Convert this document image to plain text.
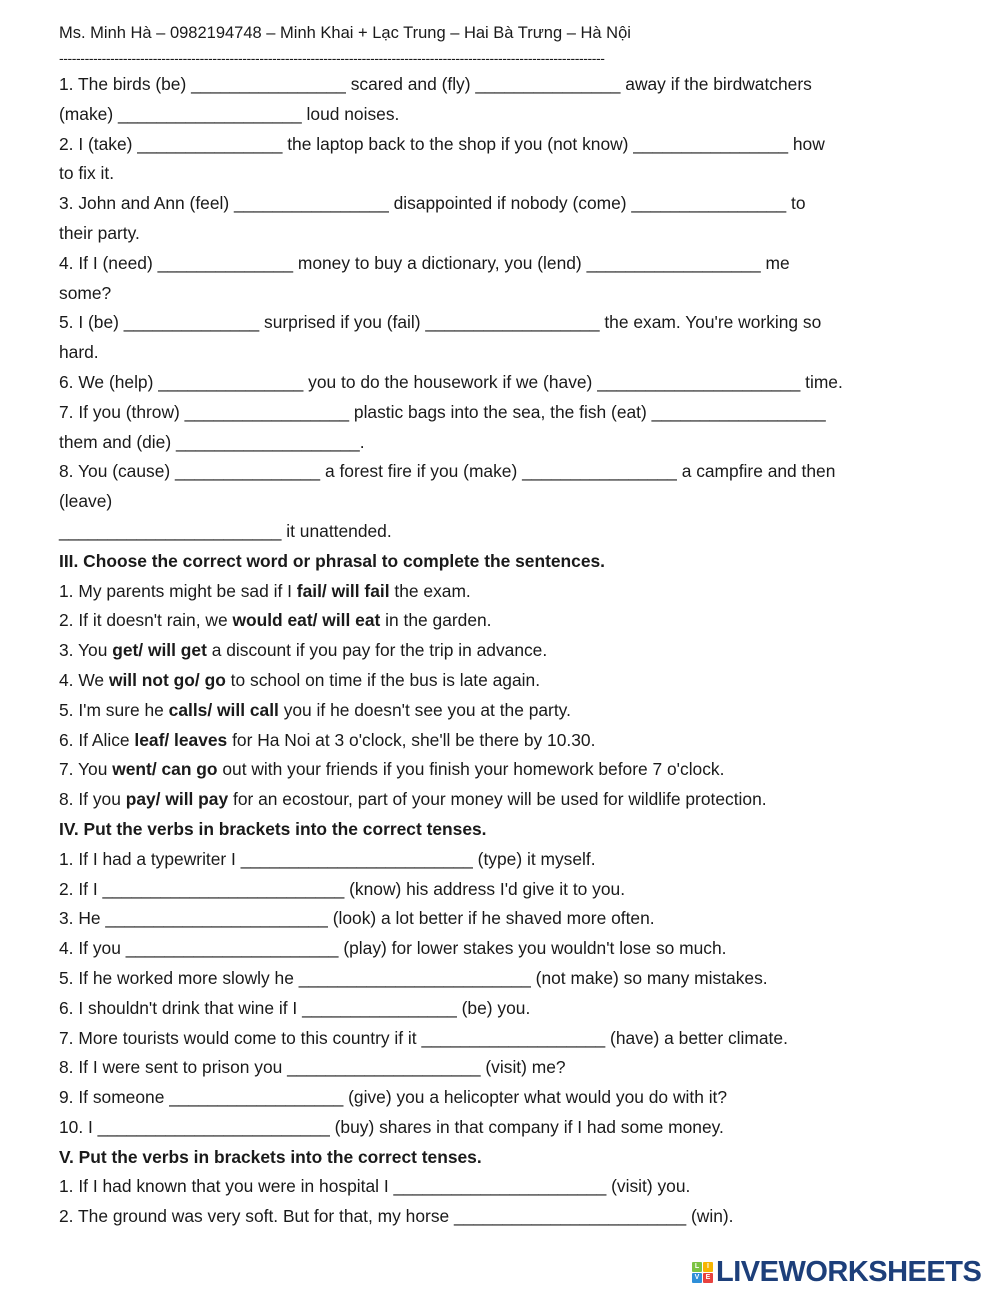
Ms. Minh Hà – 0982194748 – Minh Khai + Lạc Trung – Hai Bà Trưng – Hà Nội
--------------------------------------------------------------------------------------------------------------------------------
1. The birds (be) ________________ scared and (fly) _______________ away if the birdwatchers
(make) ___________________ loud noises.
2. I (take) _______________ the laptop back to the shop if you (not know) ________________ how
to fix it.
3. John and Ann (feel) ________________ disappointed if nobody (come) ________________ to
their party.
4. If I (need) ______________ money to buy a dictionary, you (lend) __________________ me
some?
5. I (be) ______________ surprised if you (fail) __________________ the exam. You're working so
hard.
6. We (help) _______________ you to do the housework if we (have) _____________________ time.
7. If you (throw) _________________ plastic bags into the sea, the fish (eat) __________________
them and (die) ___________________.
8. You (cause) _______________ a forest fire if you (make) ________________ a campfire and then
(leave)
_______________________ it unattended.
III. Choose the correct word or phrasal to complete the sentences.
1. My parents might be sad if I fail/ will fail the exam.
2. If it doesn't rain, we would eat/ will eat in the garden.
3. You get/ will get a discount if you pay for the trip in advance.
4. We will not go/ go to school on time if the bus is late again.
5. I'm sure he calls/ will call you if he doesn't see you at the party.
6. If Alice leaf/ leaves for Ha Noi at 3 o'clock, she'll be there by 10.30.
7. You went/ can go out with your friends if you finish your homework before 7 o'clock.
8. If you pay/ will pay for an ecostour, part of your money will be used for wildlife protection.
IV. Put the verbs in brackets into the correct tenses.
1. If I had a typewriter I ________________________ (type) it myself.
2. If I _________________________ (know) his address I'd give it to you.
3. He _______________________ (look) a lot better if he shaved more often.
4. If you ______________________ (play) for lower stakes you wouldn't lose so much.
5. If he worked more slowly he ________________________ (not make) so many mistakes.
6. I shouldn't drink that wine if I ________________ (be) you.
7. More tourists would come to this country if it ___________________ (have) a better climate.
8. If I were sent to prison you ____________________ (visit) me?
9. If someone __________________ (give) you a helicopter what would you do with it?
10. I ________________________ (buy) shares in that company if I had some money.
V. Put the verbs in brackets into the correct tenses.
1. If I had known that you were in hospital I ______________________ (visit) you.
2. The ground was very soft. But for that, my horse ________________________ (win).
L	I
V E LIVEWORKSHEETS
